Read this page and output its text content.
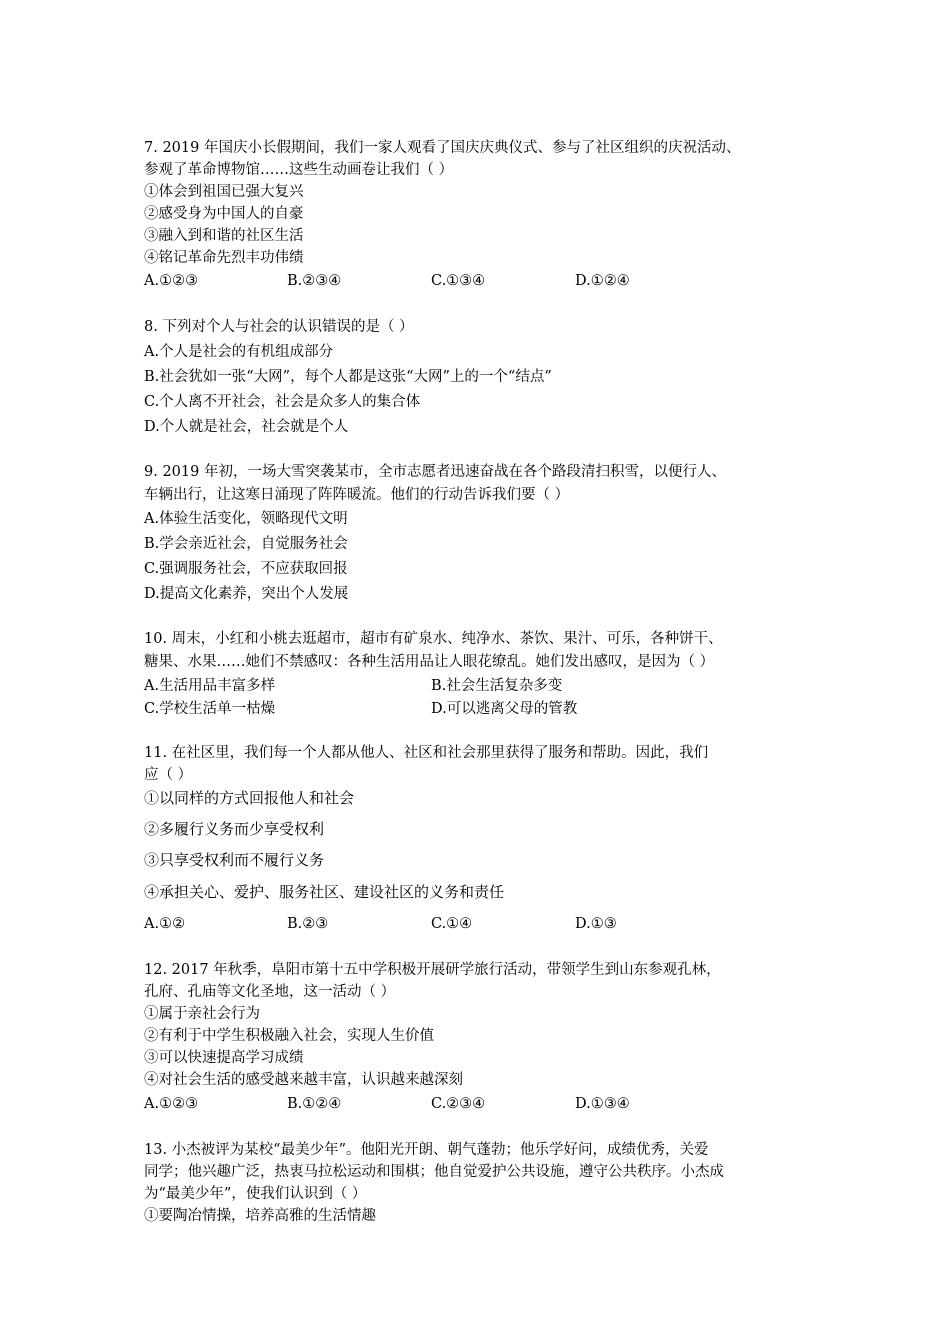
7. 2019 年国庆小长假期间，我们一家人观看了国庆庆典仪式、参与了社区组织的庆祝活动、
参观了革命博物馆……这些生动画卷让我们（ ）
①体会到祖国已强大复兴
②感受身为中国人的自豪
③融入到和谐的社区生活
④铭记革命先烈丰功伟绩
A.①②③	B.②③④	C.①③④	D.①②④
8. 下列对个人与社会的认识错误的是（ ）
A.个人是社会的有机组成部分
B.社会犹如一张“大网”，每个人都是这张“大网”上的一个“结点”
C.个人离不开社会，社会是众多人的集合体
D.个人就是社会，社会就是个人
9. 2019 年初，一场大雪突袭某市，全市志愿者迅速奋战在各个路段清扫积雪，以便行人、
车辆出行，让这寒日涌现了阵阵暖流。他们的行动告诉我们要（ ）
A.体验生活变化，领略现代文明
B.学会亲近社会，自觉服务社会
C.强调服务社会，不应获取回报
D.提高文化素养，突出个人发展
10. 周末，小红和小桃去逛超市，超市有矿泉水、纯净水、茶饮、果汁、可乐，各种饼干、
糖果、水果……她们不禁感叹：各种生活用品让人眼花缭乱。她们发出感叹，是因为（ ）
A.生活用品丰富多样	B.社会生活复杂多变
C.学校生活单一枯燥	D.可以逃离父母的管教
11. 在社区里，我们每一个人都从他人、社区和社会那里获得了服务和帮助。因此，我们
应（ ）
①以同样的方式回报他人和社会
②多履行义务而少享受权利
③只享受权利而不履行义务
④承担关心、爱护、服务社区、建设社区的义务和责任
A.①②	B.②③	C.①④	D.①③
12. 2017 年秋季，阜阳市第十五中学积极开展研学旅行活动，带领学生到山东参观孔林，
孔府、孔庙等文化圣地，这一活动（ ）
①属于亲社会行为
②有利于中学生积极融入社会，实现人生价值
③可以快速提高学习成绩
④对社会生活的感受越来越丰富，认识越来越深刻
A.①②③	B.①②④	C.②③④	D.①③④
13. 小杰被评为某校“最美少年”。他阳光开朗、朝气蓬勃；他乐学好问，成绩优秀，关爱
同学；他兴趣广泛，热衷马拉松运动和围棋；他自觉爱护公共设施，遵守公共秩序。小杰成
为“最美少年”，使我们认识到（ ）
①要陶冶情操，培养高雅的生活情趣
